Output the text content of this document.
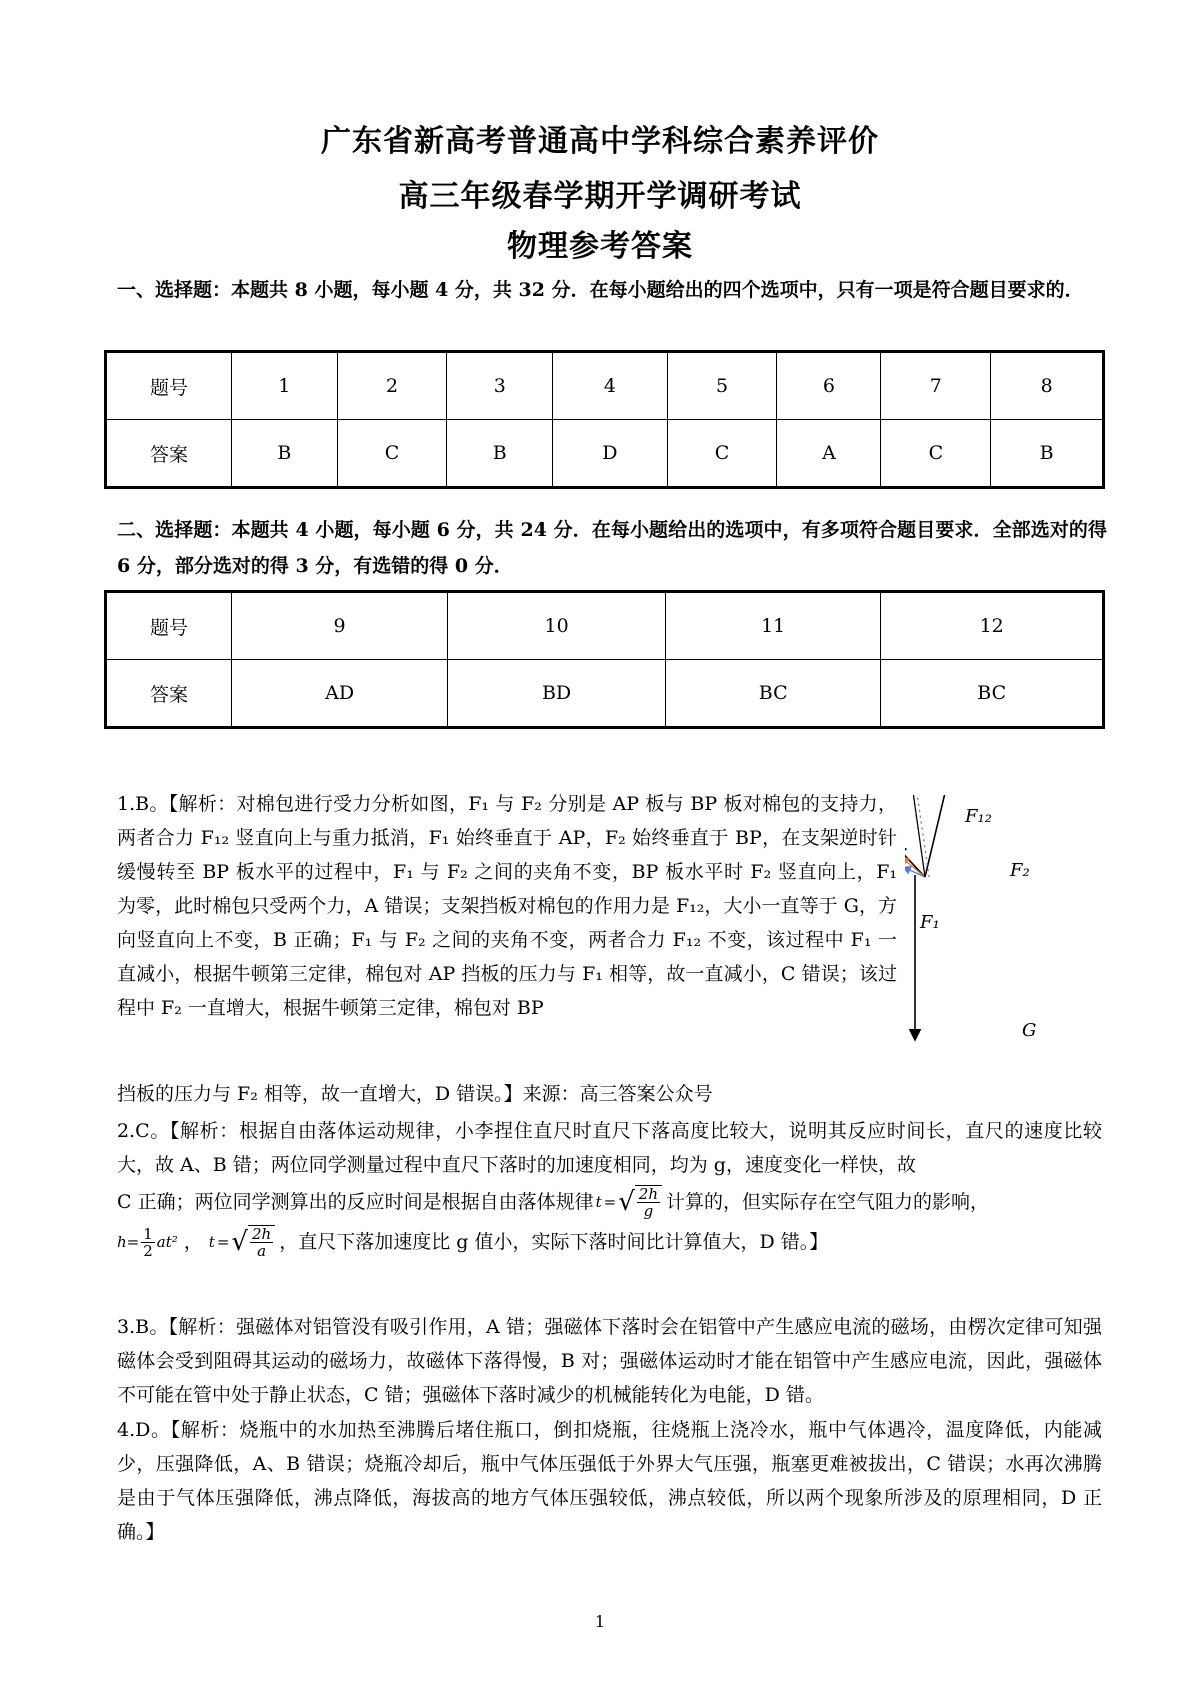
广东省新高考普通高中学科综合素养评价
高三年级春学期开学调研考试
物理参考答案
一、选择题：本题共 8 小题，每小题 4 分，共 32 分．在每小题给出的四个选项中，只有一项是符合题目要求的．
题号	1	2	3	4	5	6	7	8
答案	B	C	B	D	C	A	C	B
二、选择题：本题共 4 小题，每小题 6 分，共 24 分．在每小题给出的选项中，有多项符合题目要求．全部选对的得 6 分，部分选对的得 3 分，有选错的得 0 分．
题号	9	10	11	12
答案	AD	BD	BC	BC

1.B。【解析：对棉包进行受力分析如图，F₁ 与 F₂ 分别是 AP 板与 BP 板对棉包的支持力，两者合力 F₁₂ 竖直向上与重力抵消，F₁ 始终垂直于 AP，F₂ 始终垂直于 BP，在支架逆时针缓慢转至 BP 板水平的过程中，F₁ 与 F₂ 之间的夹角不变，BP 板水平时 F₂ 竖直向上，F₁ 为零，此时棉包只受两个力，A 错误；支架挡板对棉包的作用力是 F₁₂，大小一直等于 G，方向竖直向上不变，B 正确；F₁ 与 F₂ 之间的夹角不变，两者合力 F₁₂ 不变，该过程中 F₁ 一直减小，根据牛顿第三定律，棉包对 AP 挡板的压力与 F₁ 相等，故一直减小，C 错误；该过程中 F₂ 一直增大，根据牛顿第三定律，棉包对 BP

挡板的压力与 F₂ 相等，故一直增大，D 错误。】来源：高三答案公众号

F₁₂
F₂
F₁
G

2.C。【解析：根据自由落体运动规律，小李捏住直尺时直尺下落高度比较大，说明其反应时间长，直尺的速度比较大，故 A、B 错；两位同学测量过程中直尺下落时的加速度相同，均为 g，速度变化一样快，故

C 正确；两位同学测算出的反应时间是根据自由落体规律 t = √ $\frac{2h}{g}$ 计算的，但实际存在空气阻力的影响，
$h = \frac{1}{2} at^2$ ， t = √ $\frac{2h}{a}$ ，直尺下落加速度比 g 值小，实际下落时间比计算值大，D 错。】

3.B。【解析：强磁体对铝管没有吸引作用，A 错；强磁体下落时会在铝管中产生感应电流的磁场，由楞次定律可知强磁体会受到阻碍其运动的磁场力，故磁体下落得慢，B 对；强磁体运动时才能在铝管中产生感应电流，因此，强磁体不可能在管中处于静止状态，C 错；强磁体下落时减少的机械能转化为电能，D 错。

4.D。【解析：烧瓶中的水加热至沸腾后堵住瓶口，倒扣烧瓶，往烧瓶上浇冷水，瓶中气体遇冷，温度降低，内能减少，压强降低，A、B 错误；烧瓶冷却后，瓶中气体压强低于外界大气压强，瓶塞更难被拔出，C 错误；水再次沸腾是由于气体压强降低，沸点降低，海拔高的地方气体压强较低，沸点较低，所以两个现象所涉及的原理相同，D 正确。】

1
